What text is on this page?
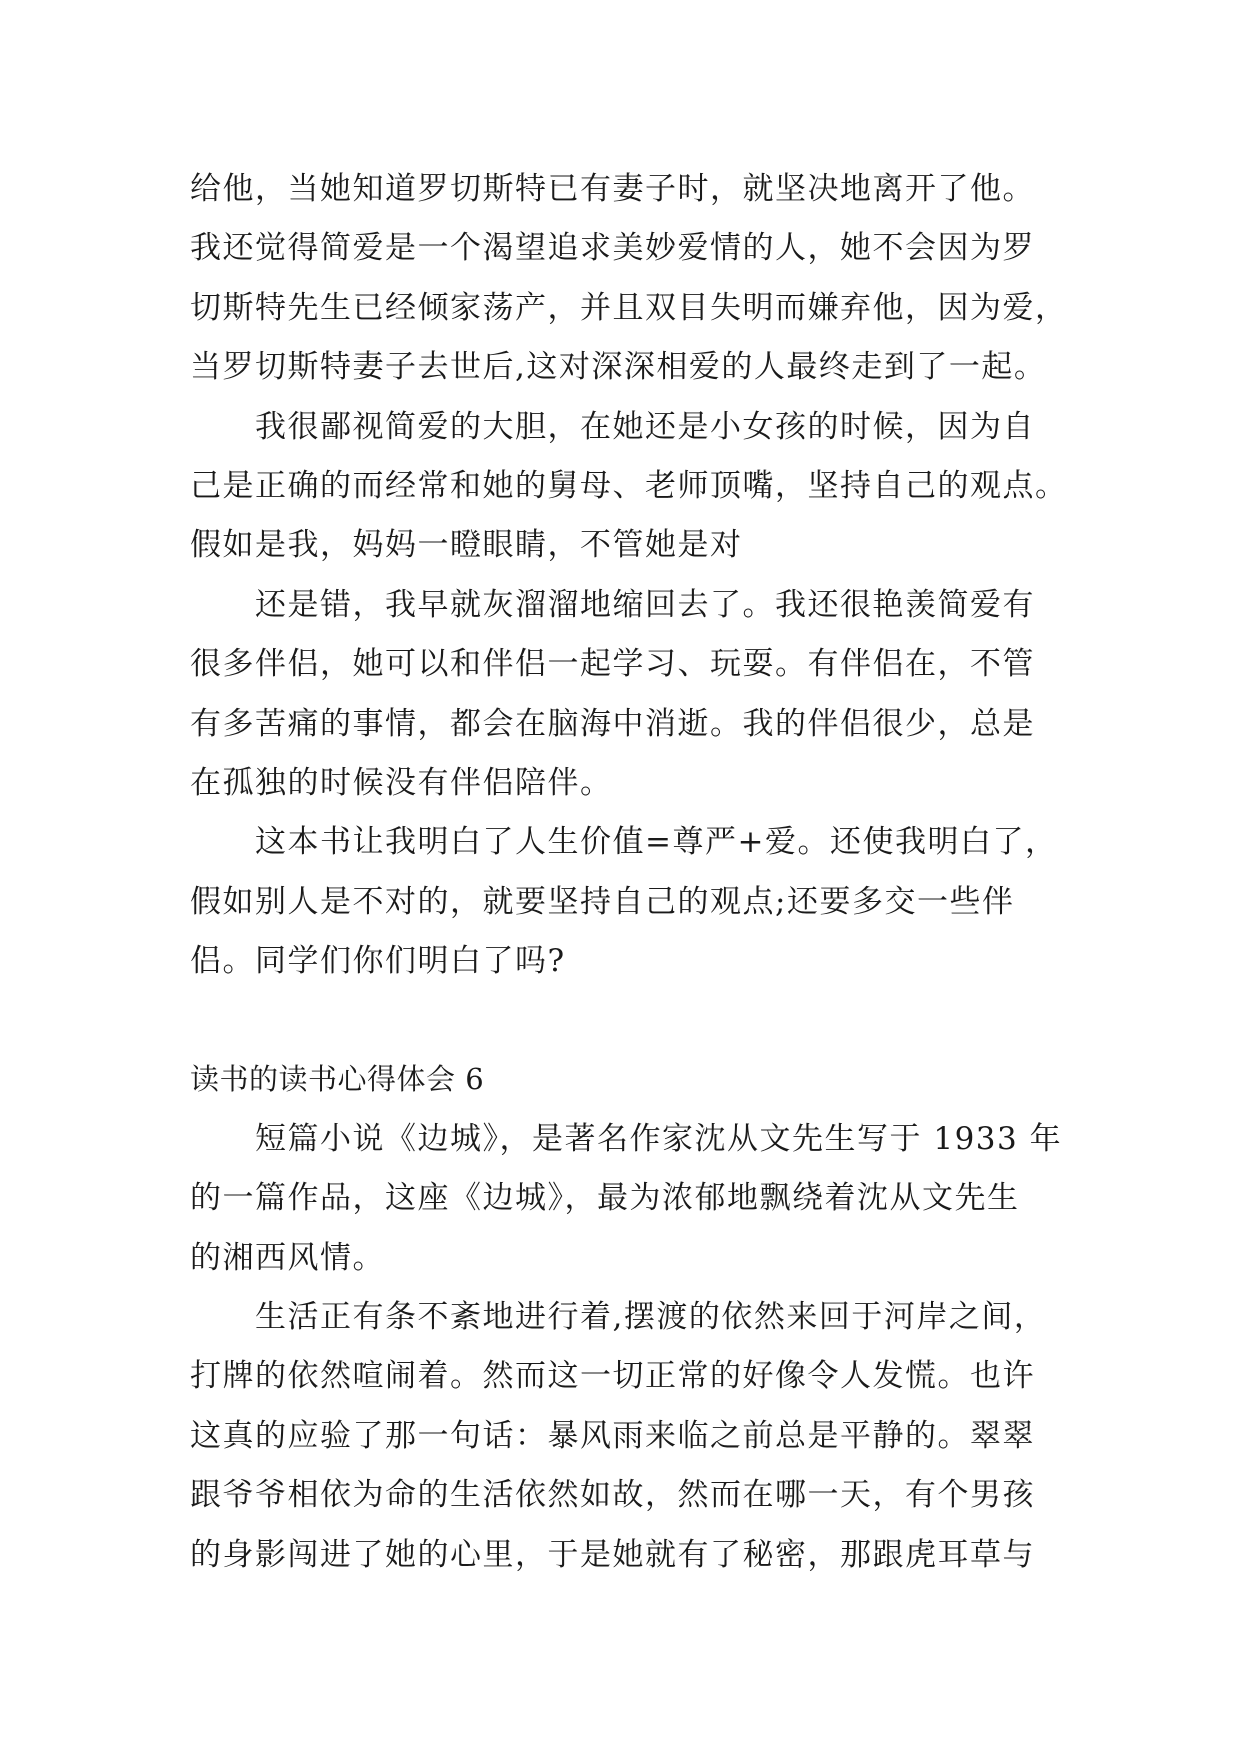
给他，当她知道罗切斯特已有妻子时，就坚决地离开了他。
我还觉得简爱是一个渴望追求美妙爱情的人，她不会因为罗
切斯特先生已经倾家荡产，并且双目失明而嫌弃他，因为爱，
当罗切斯特妻子去世后,这对深深相爱的人最终走到了一起。
我很鄙视简爱的大胆，在她还是小女孩的时候，因为自
己是正确的而经常和她的舅母、老师顶嘴，坚持自己的观点。
假如是我，妈妈一瞪眼睛，不管她是对
还是错，我早就灰溜溜地缩回去了。我还很艳羡简爱有
很多伴侣，她可以和伴侣一起学习、玩耍。有伴侣在，不管
有多苦痛的事情，都会在脑海中消逝。我的伴侣很少，总是
在孤独的时候没有伴侣陪伴。
这本书让我明白了人生价值=尊严+爱。还使我明白了，
假如别人是不对的，就要坚持自己的观点;还要多交一些伴
侣。同学们你们明白了吗?
读书的读书心得体会 6
短篇小说《边城》，是著名作家沈从文先生写于 1933 年
的一篇作品，这座《边城》，最为浓郁地飘绕着沈从文先生
的湘西风情。
生活正有条不紊地进行着,摆渡的依然来回于河岸之间，
打牌的依然喧闹着。然而这一切正常的好像令人发慌。也许
这真的应验了那一句话：暴风雨来临之前总是平静的。翠翠
跟爷爷相依为命的生活依然如故，然而在哪一天，有个男孩
的身影闯进了她的心里，于是她就有了秘密，那跟虎耳草与
